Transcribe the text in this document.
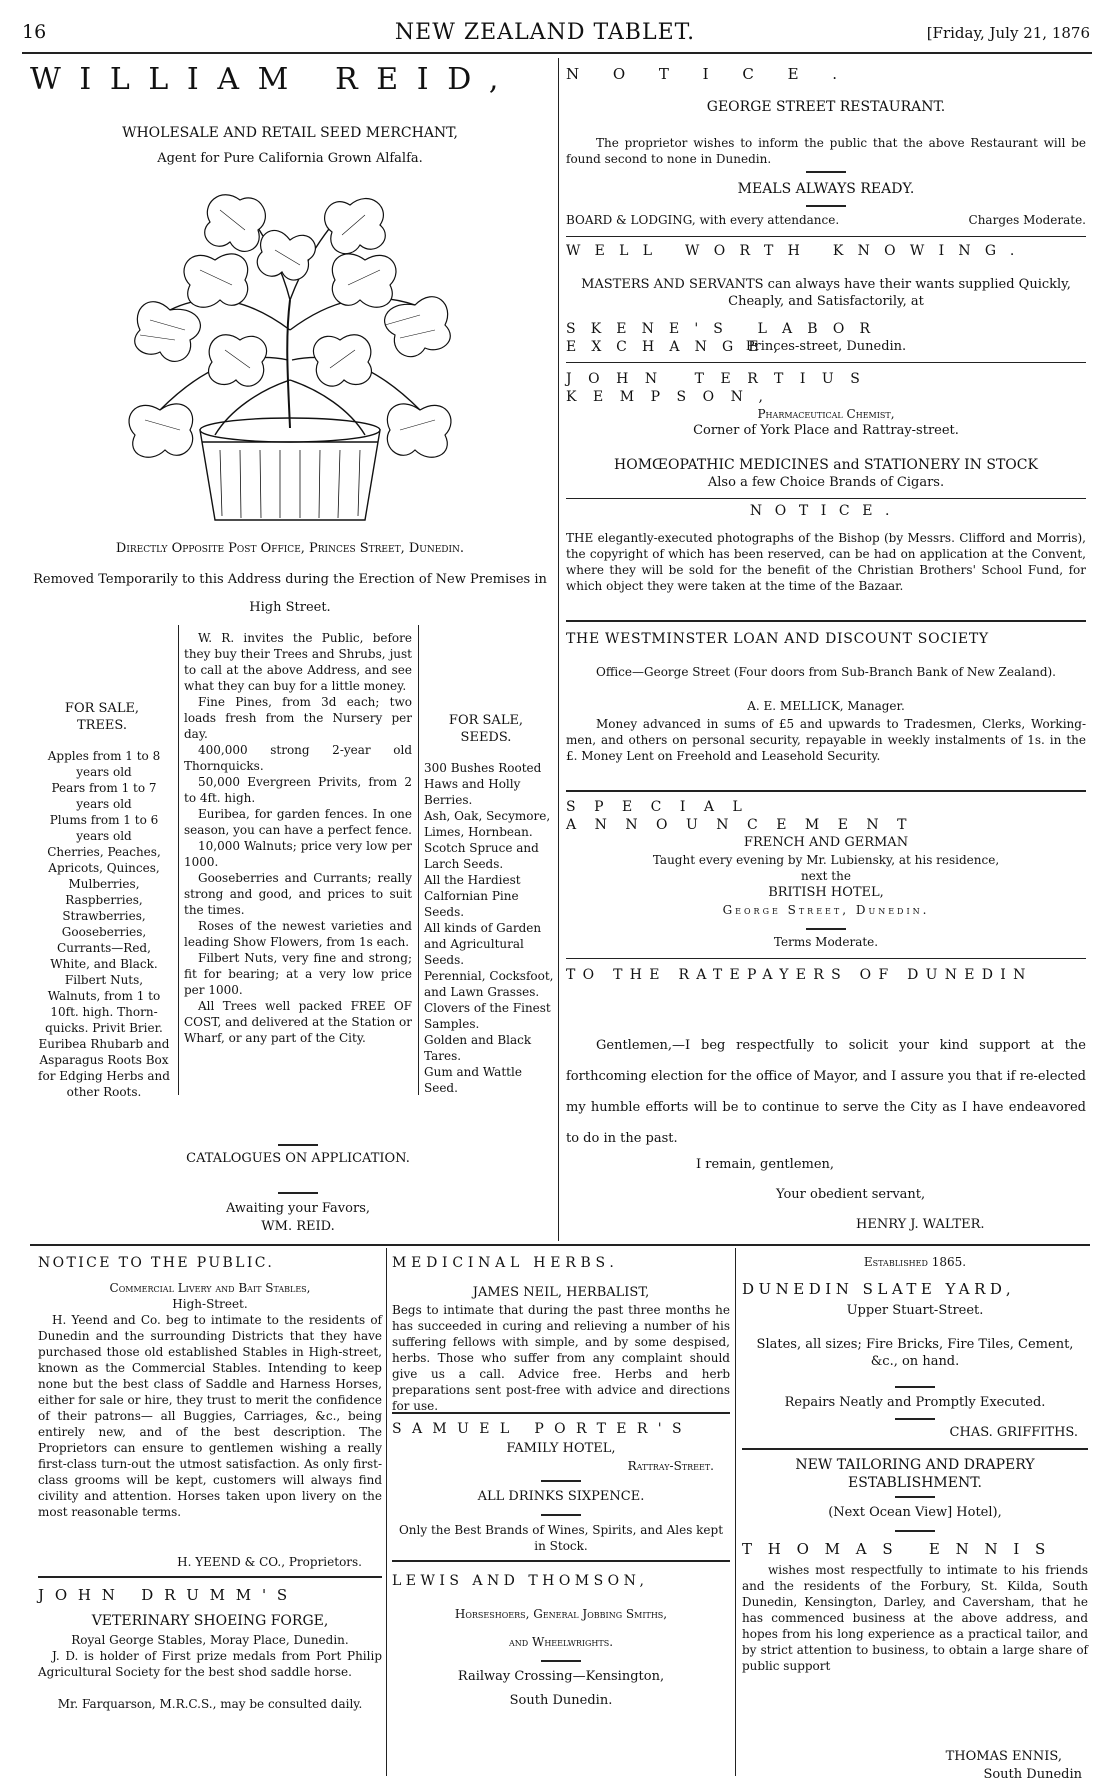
16	NEW ZEALAND TABLET.	[Friday, July 21, 1876
WILLIAM REID,
WHOLESALE AND RETAIL SEED MERCHANT,
Agent for Pure California Grown Alfalfa.
Directly Opposite Post Office, Princes Street, Dunedin.
Removed Temporarily to this Address during the Erection of New Premises in High Street.
FOR SALE, TREES.
Apples from 1 to 8 years old
Pears from 1 to 7 years old
Plums from 1 to 6 years old
Cherries, Peaches, Apricots, Quinces, Mulberries, Raspberries, Strawberries, Gooseberries, Currants—Red, White, and Black. Filbert Nuts, Walnuts, from 1 to 10ft. high. Thorn-quicks. Privit Brier. Euribea Rhubarb and Asparagus Roots Box for Edging Herbs and other Roots.

W. R. invites the Public, before they buy their Trees and Shrubs, just to call at the above Address, and see what they can buy for a little money.

Fine Pines, from 3d each; two loads fresh from the Nursery per day.

400,000 strong 2-year old Thornquicks.

50,000 Evergreen Privits, from 2 to 4ft. high.

Euribea, for garden fences. In one season, you can have a perfect fence.

10,000 Walnuts; price very low per 1000.

Gooseberries and Currants; really strong and good, and prices to suit the times.

Roses of the newest varieties and leading Show Flowers, from 1s each.

Filbert Nuts, very fine and strong; fit for bearing; at a very low price per 1000.

All Trees well packed FREE OF COST, and delivered at the Station or Wharf, or any part of the City.

CATALOGUES ON APPLICATION.
Awaiting your Favors,
WM. REID.
FOR SALE, SEEDS.
300 Bushes Rooted Haws and Holly Berries.
Ash, Oak, Secymore, Limes, Hornbean.
Scotch Spruce and Larch Seeds.
All the Hardiest Calfornian Pine Seeds.
All kinds of Garden and Agricultural Seeds.
Perennial, Cocksfoot, and Lawn Grasses.
Clovers of the Finest Samples.
Golden and Black Tares.
Gum and Wattle Seed.
NOTICE.
GEORGE STREET RESTAURANT.
The proprietor wishes to inform the public that the above Restaurant will be found second to none in Dunedin.
MEALS ALWAYS READY.
BOARD & LODGING, with every attendance.	Charges Moderate.
WELL WORTH KNOWING.
MASTERS AND SERVANTS can always have their wants supplied Quickly, Cheaply, and Satisfactorily, at
SKENE'S LABOR EXCHANGE,
Princes-street, Dunedin.
JOHN TERTIUS KEMPSON,
Pharmaceutical Chemist,
Corner of York Place and Rattray-street.
HOMŒOPATHIC MEDICINES and STATIONERY IN STOCK
Also a few Choice Brands of Cigars.
NOTICE.
THE elegantly-executed photographs of the Bishop (by Messrs. Clifford and Morris), the copyright of which has been reserved, can be had on application at the Convent, where they will be sold for the benefit of the Christian Brothers' School Fund, for which object they were taken at the time of the Bazaar.
THE WESTMINSTER LOAN AND DISCOUNT SOCIETY
Office—George Street (Four doors from Sub-Branch Bank of New Zealand).
A. E. MELLICK, Manager.
Money advanced in sums of £5 and upwards to Tradesmen, Clerks, Working-men, and others on personal security, repayable in weekly instalments of 1s. in the £. Money Lent on Freehold and Leasehold Security.
SPECIAL ANNOUNCEMENT
FRENCH AND GERMAN
Taught every evening by Mr. Lubiensky, at his residence,
next the
BRITISH HOTEL,
George Street, Dunedin.
Terms Moderate.
TO THE RATEPAYERS OF DUNEDIN
Gentlemen,—I beg respectfully to solicit your kind support at the forthcoming election for the office of Mayor, and I assure you that if re-elected my humble efforts will be to continue to serve the City as I have endeavored to do in the past.
I remain, gentlemen,
Your obedient servant,
HENRY J. WALTER.
NOTICE TO THE PUBLIC.
Commercial Livery and Bait Stables,
High-Street.
H. Yeend and Co. beg to intimate to the residents of Dunedin and the surrounding Districts that they have purchased those old established Stables in High-street, known as the Commercial Stables. Intending to keep none but the best class of Saddle and Harness Horses, either for sale or hire, they trust to merit the confidence of their patrons— all Buggies, Carriages, &c., being entirely new, and of the best description. The Proprietors can ensure to gentlemen wishing a really first-class turn-out the utmost satisfaction. As only first-class grooms will be kept, customers will always find civility and attention. Horses taken upon livery on the most reasonable terms.
H. YEEND & CO., Proprietors.
JOHN DRUMM'S
VETERINARY SHOEING FORGE,
Royal George Stables, Moray Place, Dunedin.
J. D. is holder of First prize medals from Port Philip Agricultural Society for the best shod saddle horse.
Mr. Farquarson, M.R.C.S., may be consulted daily.
MEDICINAL HERBS.
JAMES NEIL, HERBALIST,
Begs to intimate that during the past three months he has succeeded in curing and relieving a number of his suffering fellows with simple, and by some despised, herbs. Those who suffer from any complaint should give us a call. Advice free. Herbs and herb preparations sent post-free with advice and directions for use.
SAMUEL PORTER'S
FAMILY HOTEL,
Rattray-Street.
ALL DRINKS SIXPENCE.
Only the Best Brands of Wines, Spirits, and Ales kept in Stock.
LEWIS AND THOMSON,
Horseshoers, General Jobbing Smiths,
and Wheelwrights.
Railway Crossing—Kensington,
South Dunedin.
Established 1865.
DUNEDIN SLATE YARD,
Upper Stuart-Street.
Slates, all sizes; Fire Bricks, Fire Tiles, Cement, &c., on hand.
Repairs Neatly and Promptly Executed.
CHAS. GRIFFITHS.
NEW TAILORING AND DRAPERY ESTABLISHMENT.
(Next Ocean View] Hotel),
THOMAS ENNIS
wishes most respectfully to intimate to his friends and the residents of the Forbury, St. Kilda, South Dunedin, Kensington, Darley, and Caversham, that he has commenced business at the above address, and hopes from his long experience as a practical tailor, and by strict attention to business, to obtain a large share of public support
THOMAS ENNIS,
South Dunedin
